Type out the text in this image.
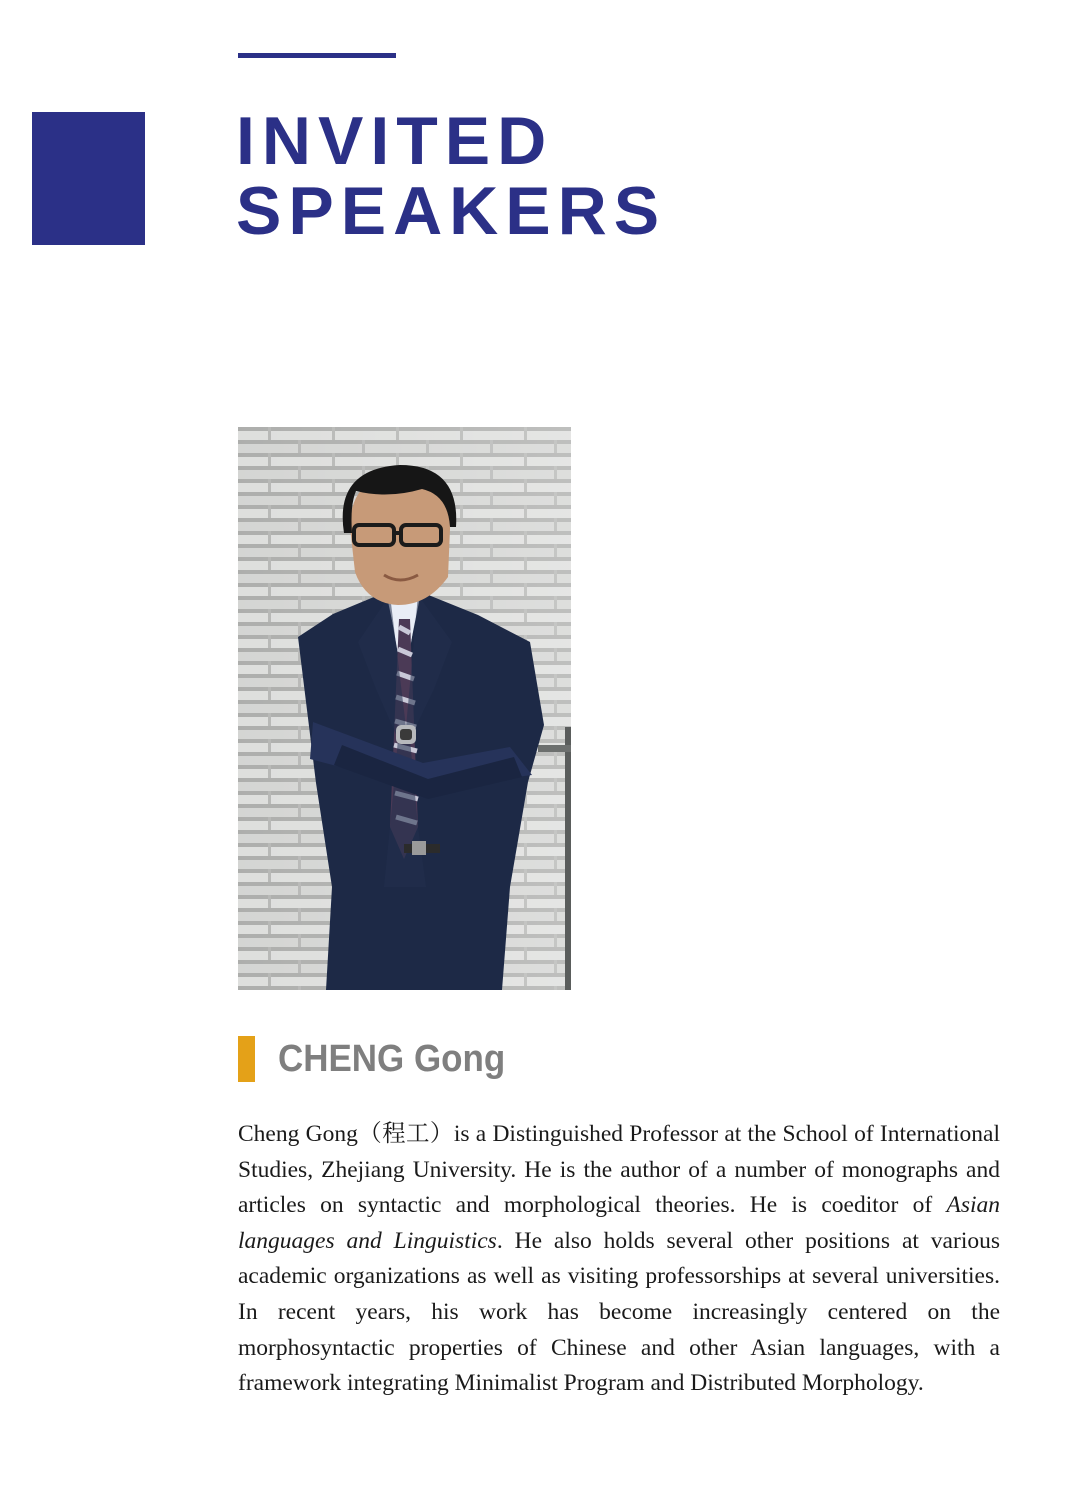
INVITED
SPEAKERS
CHENG Gong

Cheng Gong（程工）is a Distinguished Professor at the School of International Studies, Zhejiang University. He is the author of a number of monographs and articles on syntactic and morphological theories. He is coeditor of Asian languages and Linguistics. He also holds several other positions at various academic organizations as well as visiting professorships at several universities. In recent years, his work has become increasingly centered on the morphosyntactic properties of Chinese and other Asian languages, with a framework integrating Minimalist Program and Distributed Morphology.
